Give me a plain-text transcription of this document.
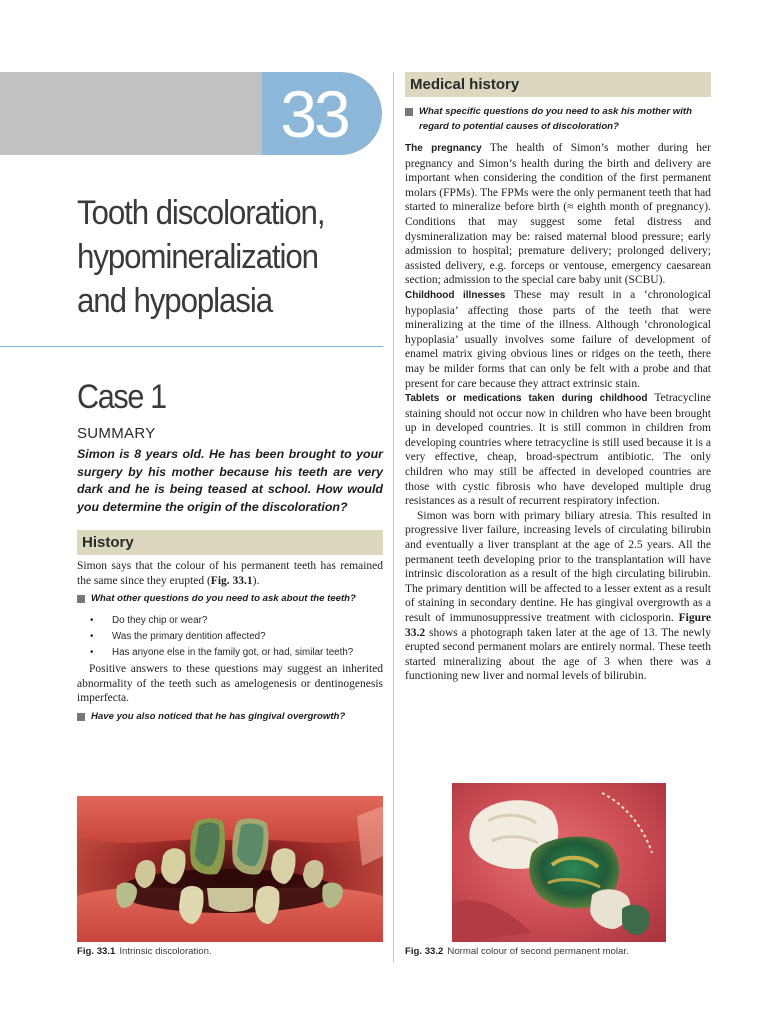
33
Tooth discoloration,
hypomineralization
and hypoplasia
Case 1
SUMMARY
Simon is 8 years old. He has been brought to your surgery by his mother because his teeth are very dark and he is being teased at school. How would you determine the origin of the discoloration?
History

Simon says that the colour of his permanent teeth has remained the same since they erupted (Fig. 33.1).

What other questions do you need to ask about the teeth?
• Do they chip or wear?
• Was the primary dentition affected?
• Has anyone else in the family got, or had, similar teeth?

Positive answers to these questions may suggest an inherited abnormality of the teeth such as amelogenesis or dentinogenesis imperfecta.

Have you also noticed that he has gingival overgrowth?
Medical history
What specific questions do you need to ask his mother with regard to potential causes of discoloration?

The pregnancy The health of Simon’s mother during her pregnancy and Simon’s health during the birth and delivery are important when considering the condition of the first permanent molars (FPMs). The FPMs were the only permanent teeth that had started to mineralize before birth (≈ eighth month of pregnancy). Conditions that may suggest some fetal distress and dysmineralization may be: raised maternal blood pressure; early admission to hospital; premature delivery; prolonged delivery; assisted delivery, e.g. forceps or ventouse, emergency caesarean section; admission to the special care baby unit (SCBU).

Childhood illnesses These may result in a ‘chronological hypoplasia’ affecting those parts of the teeth that were mineralizing at the time of the illness. Although ‘chronological hypoplasia’ usually involves some failure of development of enamel matrix giving obvious lines or ridges on the teeth, there may be milder forms that can only be felt with a probe and that present for care because they attract extrinsic stain.

Tablets or medications taken during childhood Tetracycline staining should not occur now in children who have been brought up in developed countries. It is still common in children from developing countries where tetracycline is still used because it is a very effective, cheap, broad-spectrum antibiotic. The only children who may still be affected in developed countries are those with cystic fibrosis who have developed multiple drug resistances as a result of recurrent respiratory infection.

Simon was born with primary biliary atresia. This resulted in progressive liver failure, increasing levels of circulating bilirubin and eventually a liver transplant at the age of 2.5 years. All the permanent teeth developing prior to the transplantation will have intrinsic discoloration as a result of the high circulating bilirubin. The primary dentition will be affected to a lesser extent as a result of staining in secondary dentine. He has gingival overgrowth as a result of immunosuppressive treatment with ciclosporin. Figure 33.2 shows a photograph taken later at the age of 13. The newly erupted second permanent molars are entirely normal. These teeth started mineralizing about the age of 3 when there was a functioning new liver and normal levels of bilirubin.

Fig. 33.1 Intrinsic discoloration.	Fig. 33.2 Normal colour of second permanent molar.
